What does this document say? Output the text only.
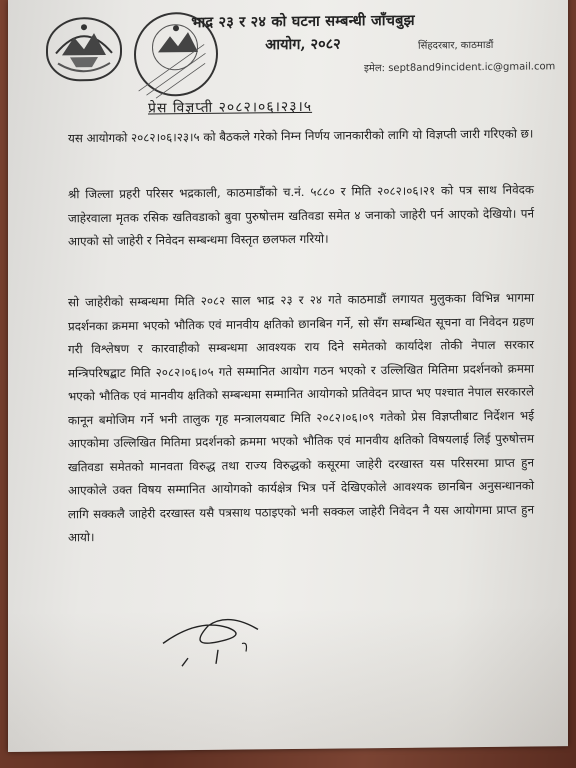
भाद्र २३ र २४ को घटना सम्बन्धी जाँचबुझ
आयोग, २०८२	सिंहदरबार, काठमाडौं
इमेल: sept8and9incident.ic@gmail.com
प्रेस विज्ञप्ती २०८२।०६।२३।५
यस आयोगको २०८२।०६।२३।५ को बैठकले गरेको निम्न निर्णय जानकारीको लागि यो विज्ञप्ती जारी गरिएको छ।
श्री जिल्ला प्रहरी परिसर भद्रकाली, काठमाडौंको च.नं. ५८८० र मिति २०८२।०६।२१ को पत्र साथ निवेदक जाहेरवाला मृतक रसिक खतिवडाको बुवा पुरुषोत्तम खतिवडा समेत ४ जनाको जाहेरी पर्न आएको देखियो। पर्न आएको सो जाहेरी र निवेदन सम्बन्धमा विस्तृत छलफल गरियो।
सो जाहेरीको सम्बन्धमा मिति २०८२ साल भाद्र २३ र २४ गते काठमाडौं लगायत मुलुकका विभिन्न भागमा प्रदर्शनका क्रममा भएको भौतिक एवं मानवीय क्षतिको छानबिन गर्ने, सो सँग सम्बन्धित सूचना वा निवेदन ग्रहण गरी विश्लेषण र कारवाहीको सम्बन्धमा आवश्यक राय दिने समेतको कार्यादेश तोकी नेपाल सरकार मन्त्रिपरिषद्बाट मिति २०८२।०६।०५ गते सम्मानित आयोग गठन भएको र उल्लिखित मितिमा प्रदर्शनको क्रममा भएको भौतिक एवं मानवीय क्षतिको सम्बन्धमा सम्मानित आयोगको प्रतिवेदन प्राप्त भए पश्चात नेपाल सरकारले कानून बमोजिम गर्ने भनी तालुक गृह मन्त्रालयबाट मिति २०८२।०६।०९ गतेको प्रेस विज्ञप्तीबाट निर्देशन भई आएकोमा उल्लिखित मितिमा प्रदर्शनको क्रममा भएको भौतिक एवं मानवीय क्षतिको विषयलाई लिई पुरुषोत्तम खतिवडा समेतको मानवता विरुद्ध तथा राज्य विरुद्धको कसूरमा जाहेरी दरखास्त यस परिसरमा प्राप्त हुन आएकोले उक्त विषय सम्मानित आयोगको कार्यक्षेत्र भित्र पर्ने देखिएकोले आवश्यक छानबिन अनुसन्धानको लागि सक्कलै जाहेरी दरखास्त यसै पत्रसाथ पठाइएको भनी सक्कल जाहेरी निवेदन नै यस आयोगमा प्राप्त हुन आयो।
